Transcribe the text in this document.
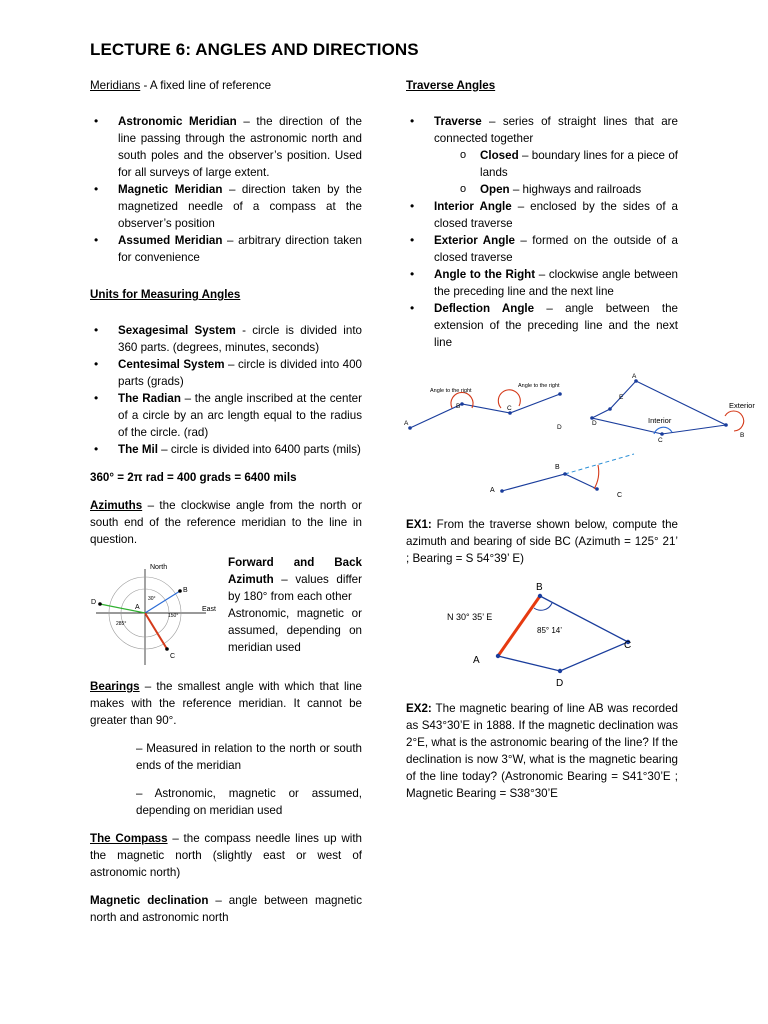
LECTURE 6: ANGLES AND DIRECTIONS

Meridians - A fixed line of reference

• Astronomic Meridian – the direction of the line passing through the astronomic north and south poles and the observer’s position. Used for all surveys of large extent.
• Magnetic Meridian – direction taken by the magnetized needle of a compass at the observer’s position
• Assumed Meridian – arbitrary direction taken for convenience

Units for Measuring Angles

• Sexagesimal System - circle is divided into 360 parts. (degrees, minutes, seconds)
• Centesimal System – circle is divided into 400 parts (grads)
• The Radian – the angle inscribed at the center of a circle by an arc length equal to the radius of the circle. (rad)
• The Mil – circle is divided into 6400 parts (mils)

360° = 2π rad = 400 grads = 6400 mils

Azimuths – the clockwise angle from the north or south end of the reference meridian to the line in question.

North
East
A
B
C
D	30°
150°
285°

Forward and Back Azimuth – values differ by 180° from each other

Astronomic, magnetic or assumed, depending on meridian used

Bearings – the smallest angle with which that line makes with the reference meridian. It cannot be greater than 90°.

– Measured in relation to the north or south ends of the meridian

– Astronomic, magnetic or assumed, depending on meridian used

The Compass – the compass needle lines up with the magnetic north (slightly east or west of astronomic north)

Magnetic declination – angle between magnetic north and astronomic north

Traverse Angles

• Traverse – series of straight lines that are connected together
o Closed – boundary lines for a piece of lands
o Open – highways and railroads
• Interior Angle – enclosed by the sides of a closed traverse
• Exterior Angle – formed on the outside of a closed traverse
• Angle to the Right – clockwise angle between the preceding line and the next line
• Deflection Angle – angle between the extension of the preceding line and the next line
Angle to the right
Angle to the right
A
B	C
D
A
E
D
C
B
Interior
Exterior
A
B
C

EX1: From the traverse shown below, compute the azimuth and bearing of side BC (Azimuth = 125° 21’ ; Bearing = S 54°39’ E)

N 30° 35’ E
85° 14’
A
B
C
D

EX2: The magnetic bearing of line AB was recorded as S43°30’E in 1888. If the magnetic declination was 2°E, what is the astronomic bearing of the line? If the declination is now 3°W, what is the magnetic bearing of the line today? (Astronomic Bearing = S41°30’E ; Magnetic Bearing = S38°30’E
